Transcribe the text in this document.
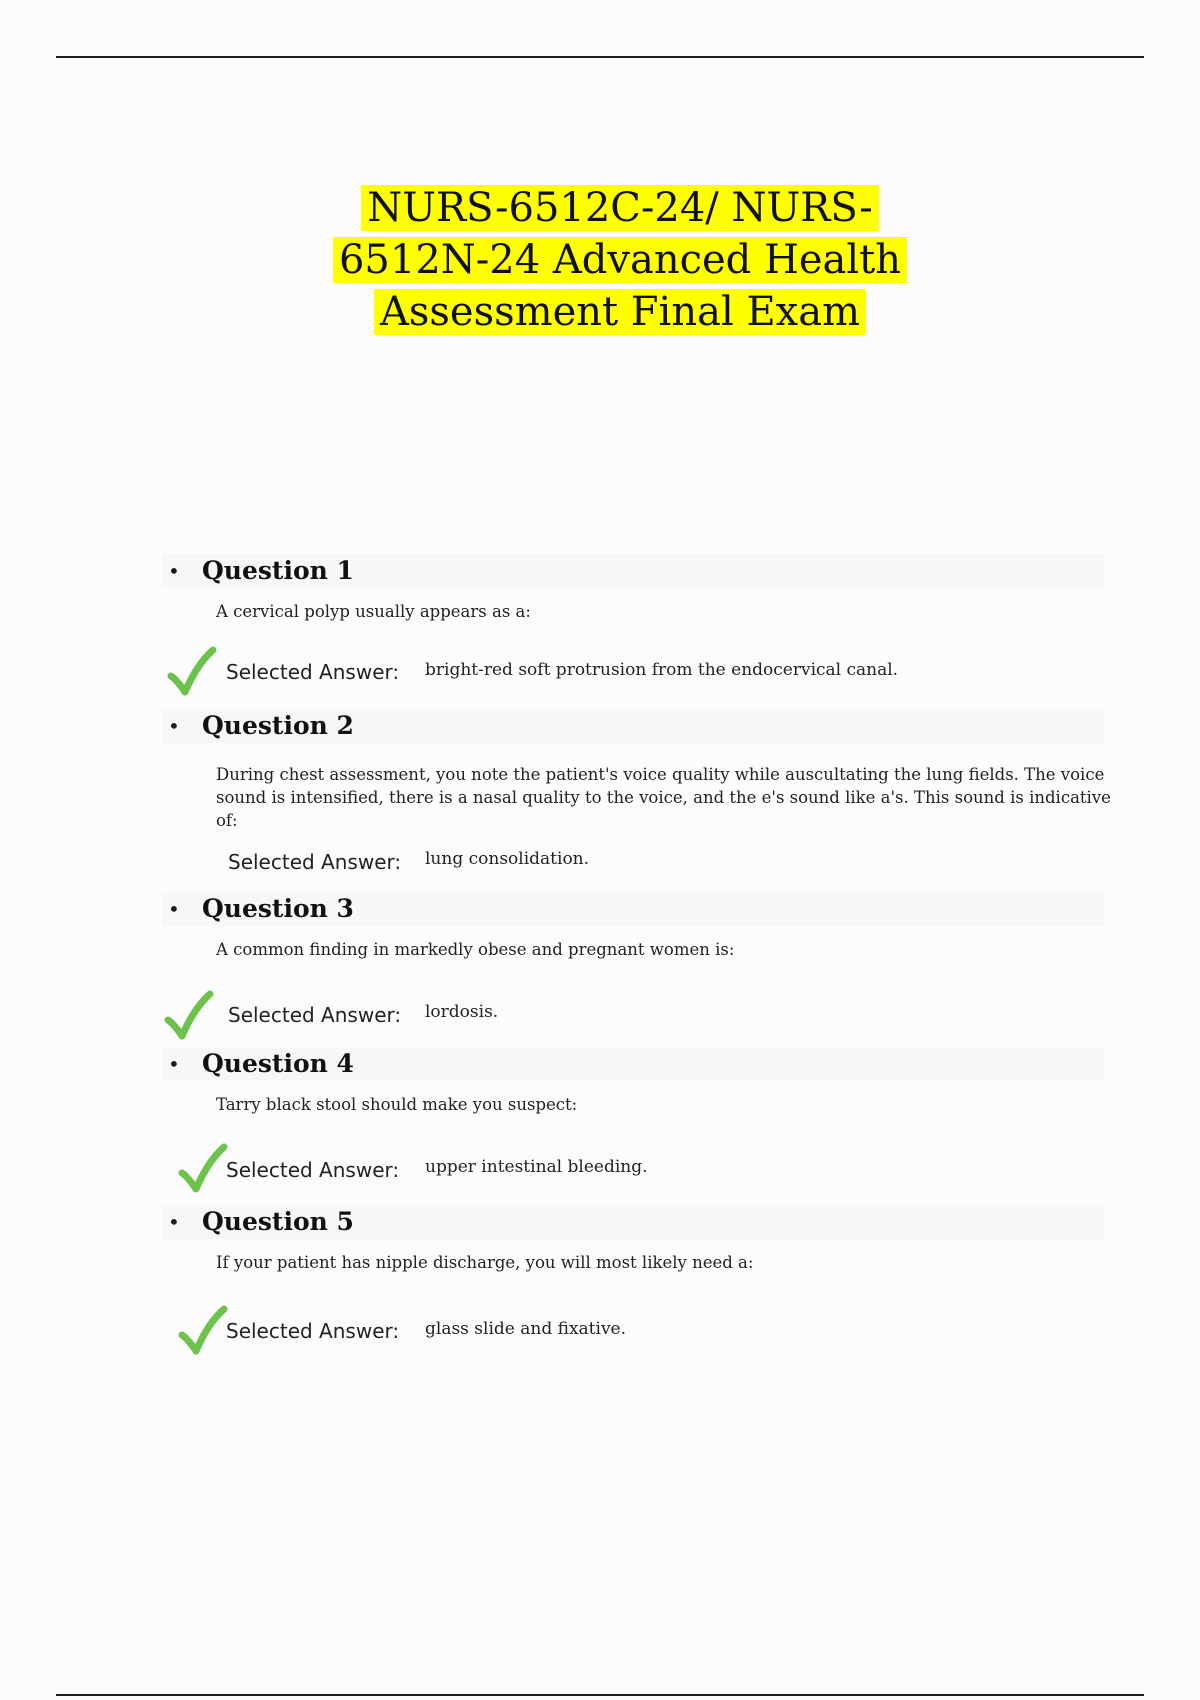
NURS-6512C-24/ NURS-6512N-24 Advanced Health Assessment Final Exam
• Question 1
A cervical polyp usually appears as a:
Selected Answer: bright-red soft protrusion from the endocervical canal.
• Question 2
During chest assessment, you note the patient's voice quality while auscultating the lung fields. The voice sound is intensified, there is a nasal quality to the voice, and the e's sound like a's. This sound is indicative of:
Selected Answer: lung consolidation.
• Question 3
A common finding in markedly obese and pregnant women is:
Selected Answer: lordosis.
• Question 4
Tarry black stool should make you suspect:
Selected Answer: upper intestinal bleeding.
• Question 5
If your patient has nipple discharge, you will most likely need a:
Selected Answer: glass slide and fixative.
